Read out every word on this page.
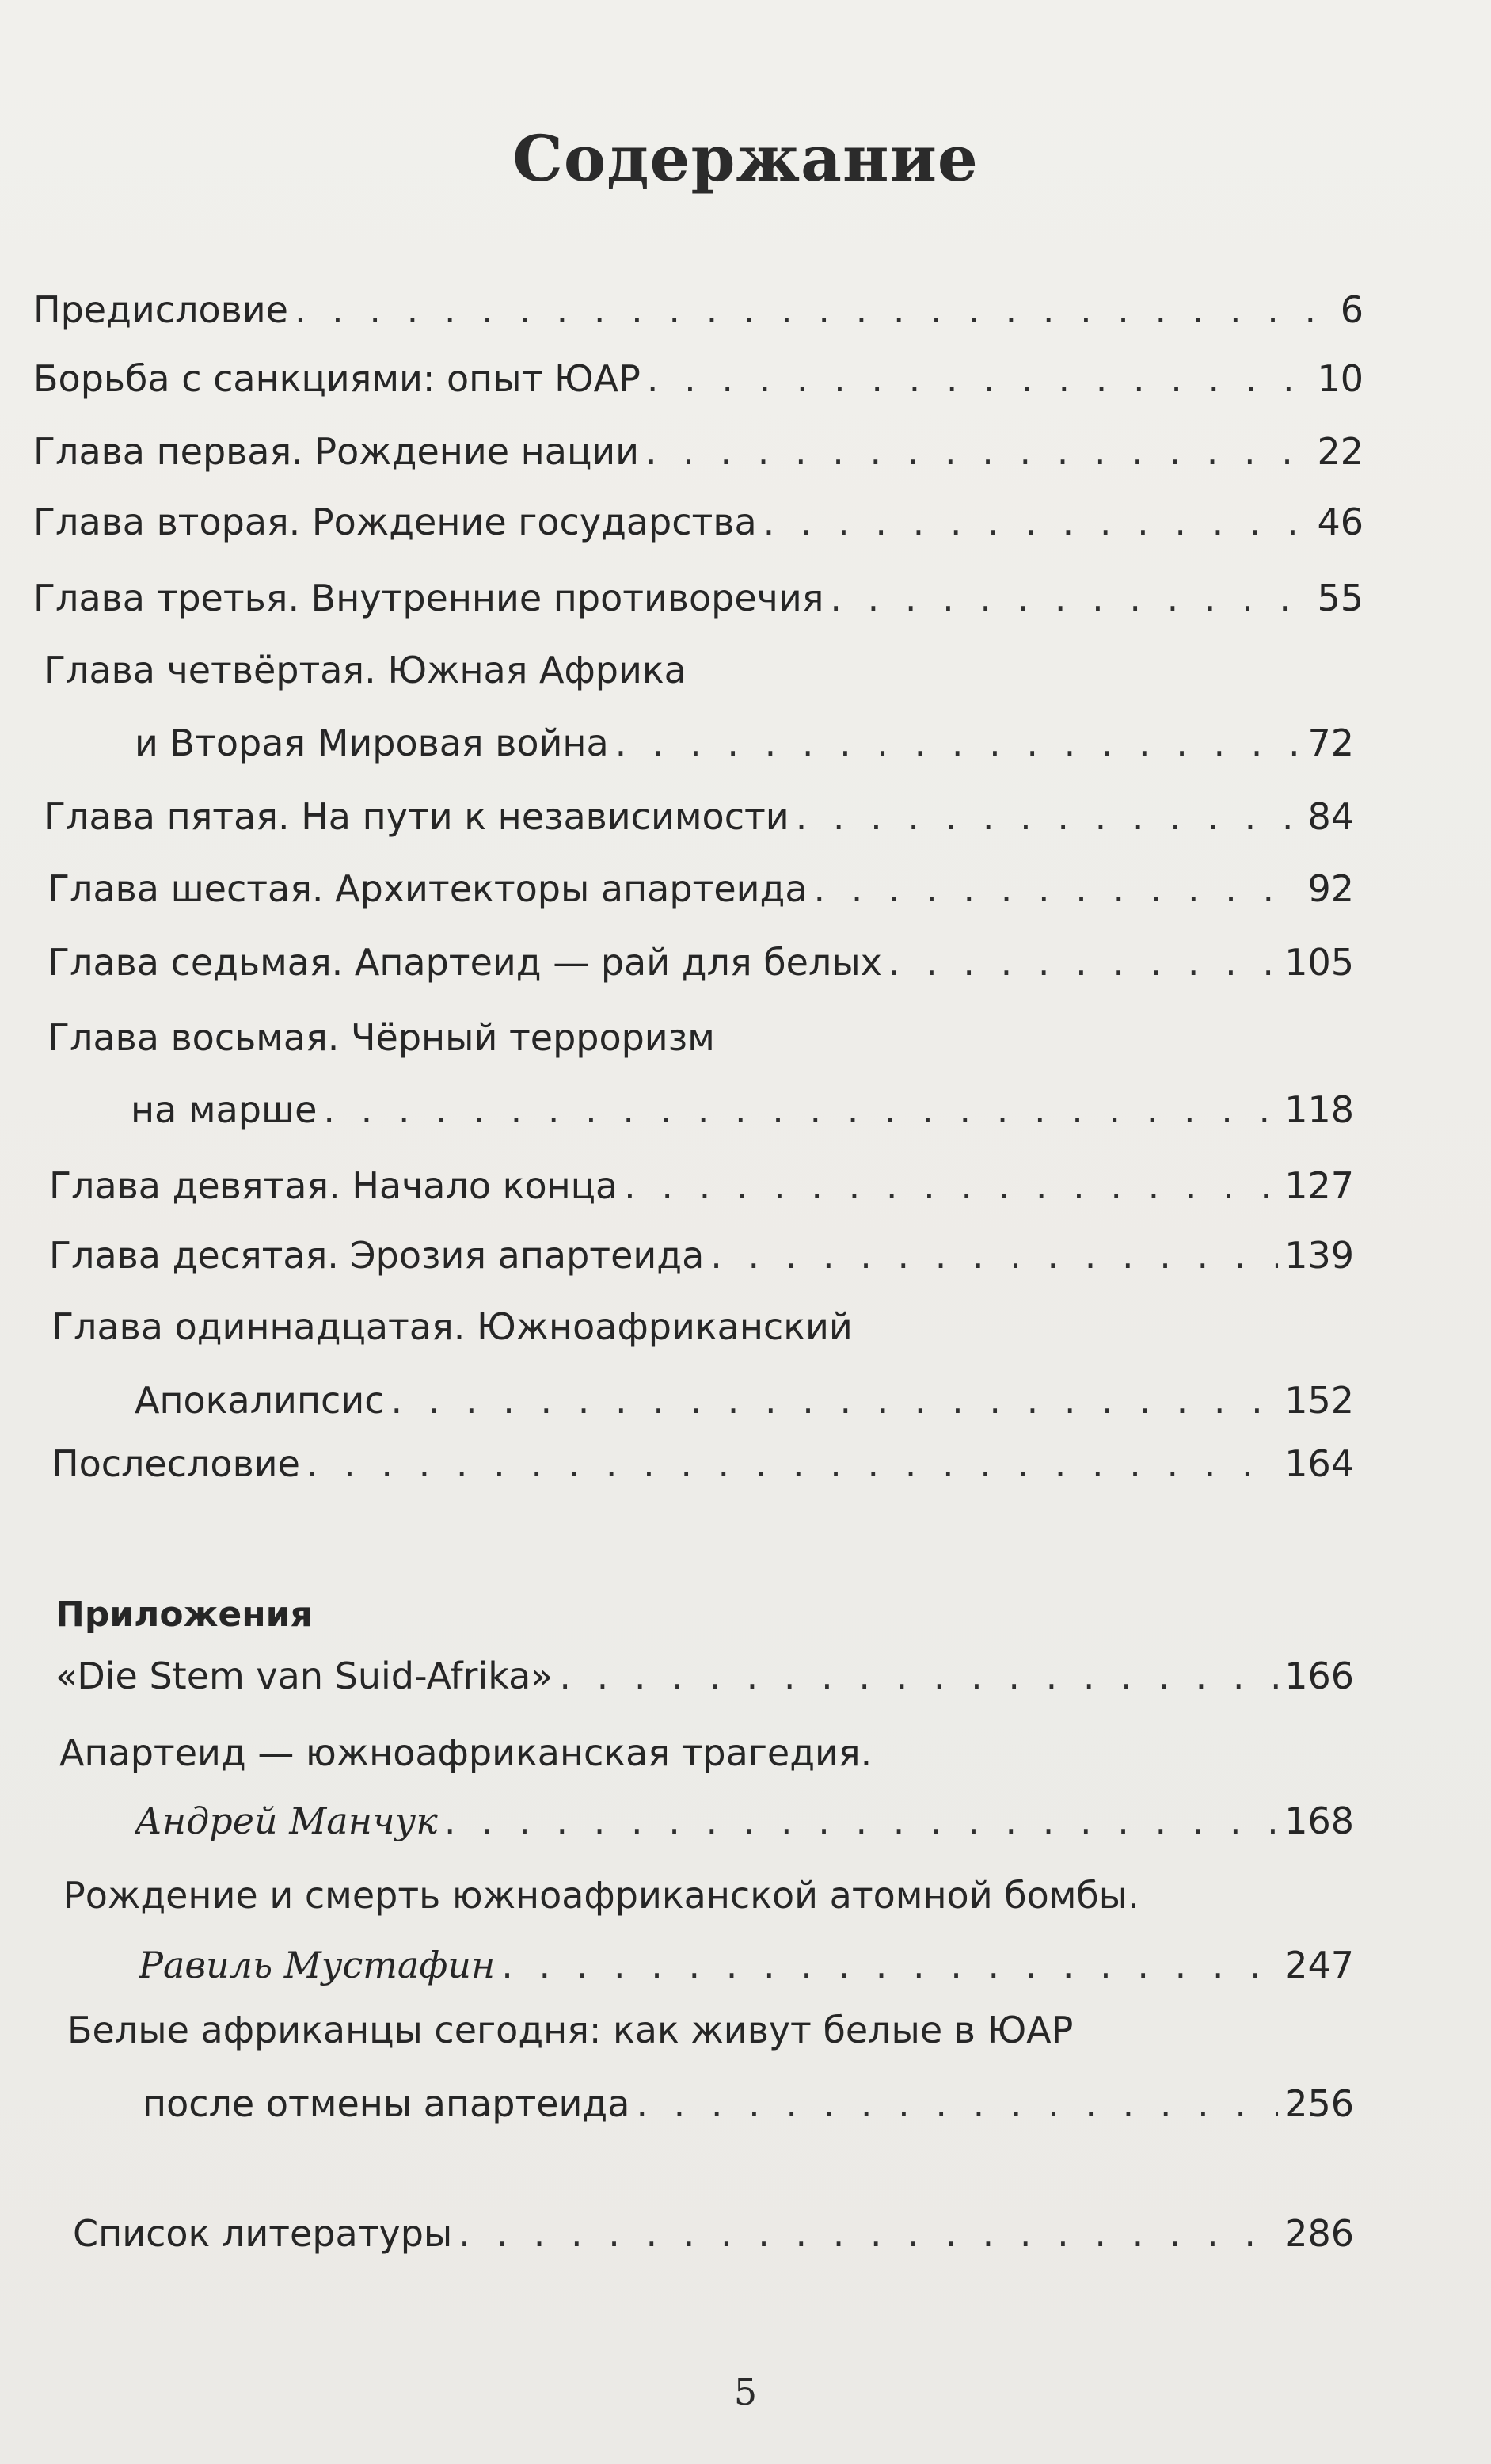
Содержание
Предисловие . . .	6
Борьба с санкциями: опыт ЮАР . . .	10
Глава первая. Рождение нации . . .	22
Глава вторая. Рождение государства . . .	46
Глава третья. Внутренние противоречия . . .	55
Глава четвёртая. Южная Африка
и Вторая Мировая война . . .	72
Глава пятая. На пути к независимости . . .	84
Глава шестая. Архитекторы апартеида . . .	92
Глава седьмая. Апартеид — рай для белых . . .	105
Глава восьмая. Чёрный терроризм
на марше . . .	118
Глава девятая. Начало конца . . .	127
Глава десятая. Эрозия апартеида . . .	139
Глава одиннадцатая. Южноафриканский
Апокалипсис . . .	152
Послесловие . . .	164
Приложения
«Die Stem van Suid-Afrika» . . .	166
Апартеид — южноафриканская трагедия.
Андрей Манчук . . .	168
Рождение и смерть южноафриканской атомной бомбы.
Равиль Мустафин . . .	247
Белые африканцы сегодня: как живут белые в ЮАР
после отмены апартеида . . .	256
Список литературы . . .	286
5
